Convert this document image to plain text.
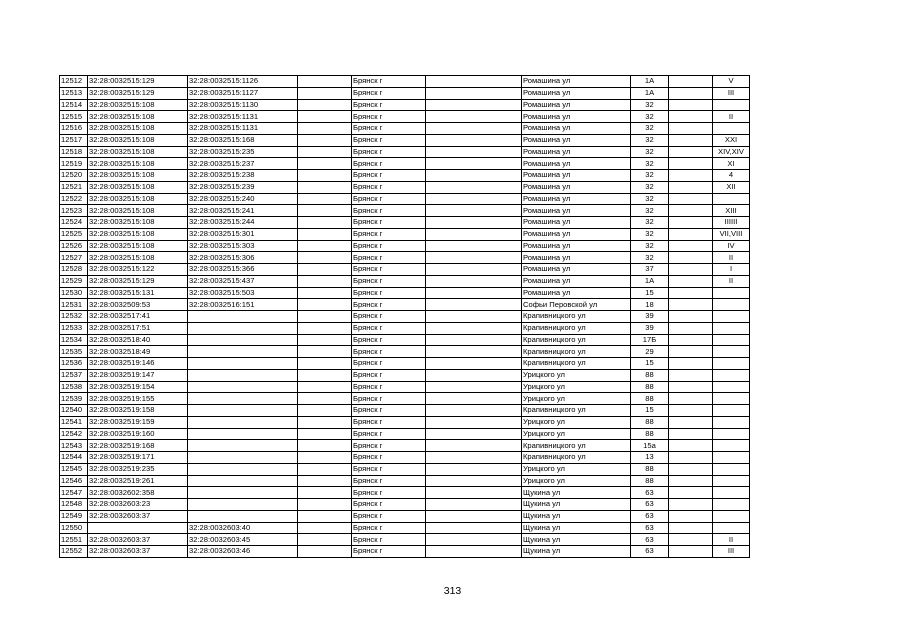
12512	32:28:0032515:129	32:28:0032515:1126		Брянск г		Ромашина ул	1А		V
12513	32:28:0032515:129	32:28:0032515:1127		Брянск г		Ромашина ул	1А		III
12514	32:28:0032515:108	32:28:0032515:1130		Брянск г		Ромашина ул	32		
12515	32:28:0032515:108	32:28:0032515:1131		Брянск г		Ромашина ул	32		II
12516	32:28:0032515:108	32:28:0032515:1131		Брянск г		Ромашина ул	32		
12517	32:28:0032515:108	32:28:0032515:168		Брянск г		Ромашина ул	32		XXI
12518	32:28:0032515:108	32:28:0032515:235		Брянск г		Ромашина ул	32		XIV,XIV
12519	32:28:0032515:108	32:28:0032515:237		Брянск г		Ромашина ул	32		XI
12520	32:28:0032515:108	32:28:0032515:238		Брянск г		Ромашина ул	32		4
12521	32:28:0032515:108	32:28:0032515:239		Брянск г		Ромашина ул	32		XII
12522	32:28:0032515:108	32:28:0032515:240		Брянск г		Ромашина ул	32		
12523	32:28:0032515:108	32:28:0032515:241		Брянск г		Ромашина ул	32		XIII
12524	32:28:0032515:108	32:28:0032515:244		Брянск г		Ромашина ул	32		IIIIII
12525	32:28:0032515:108	32:28:0032515:301		Брянск г		Ромашина ул	32		VII,VIII
12526	32:28:0032515:108	32:28:0032515:303		Брянск г		Ромашина ул	32		IV
12527	32:28:0032515:108	32:28:0032515:306		Брянск г		Ромашина ул	32		II
12528	32:28:0032515:122	32:28:0032515:366		Брянск г		Ромашина ул	37		I
12529	32:28:0032515:129	32:28:0032515:437		Брянск г		Ромашина ул	1А		II
12530	32:28:0032515:131	32:28:0032515:503		Брянск г		Ромашина ул	15		
12531	32:28:0032509:53	32:28:0032516:151		Брянск г		Софьи Перовской ул	18		
12532	32:28:0032517:41			Брянск г		Крапивницкого ул	39		
12533	32:28:0032517:51			Брянск г		Крапивницкого ул	39		
12534	32:28:0032518:40			Брянск г		Крапивницкого ул	17Б		
12535	32:28:0032518:49			Брянск г		Крапивницкого ул	29		
12536	32:28:0032519:146			Брянск г		Крапивницкого ул	15		
12537	32:28:0032519:147			Брянск г		Урицкого ул	88		
12538	32:28:0032519:154			Брянск г		Урицкого ул	88		
12539	32:28:0032519:155			Брянск г		Урицкого ул	88		
12540	32:28:0032519:158			Брянск г		Крапивницкого ул	15		
12541	32:28:0032519:159			Брянск г		Урицкого ул	88		
12542	32:28:0032519:160			Брянск г		Урицкого ул	88		
12543	32:28:0032519:168			Брянск г		Крапивницкого ул	15а		
12544	32:28:0032519:171			Брянск г		Крапивницкого ул	13		
12545	32:28:0032519:235			Брянск г		Урицкого ул	88		
12546	32:28:0032519:261			Брянск г		Урицкого ул	88		
12547	32:28:0032602:358			Брянск г		Щукина ул	63		
12548	32:28:0032603:23			Брянск г		Щукина ул	63		
12549	32:28:0032603:37			Брянск г		Щукина ул	63		
12550		32:28:0032603:40		Брянск г		Щукина ул	63		
12551	32:28:0032603:37	32:28:0032603:45		Брянск г		Щукина ул	63		II
12552	32:28:0032603:37	32:28:0032603:46		Брянск г		Щукина ул	63		III
313
